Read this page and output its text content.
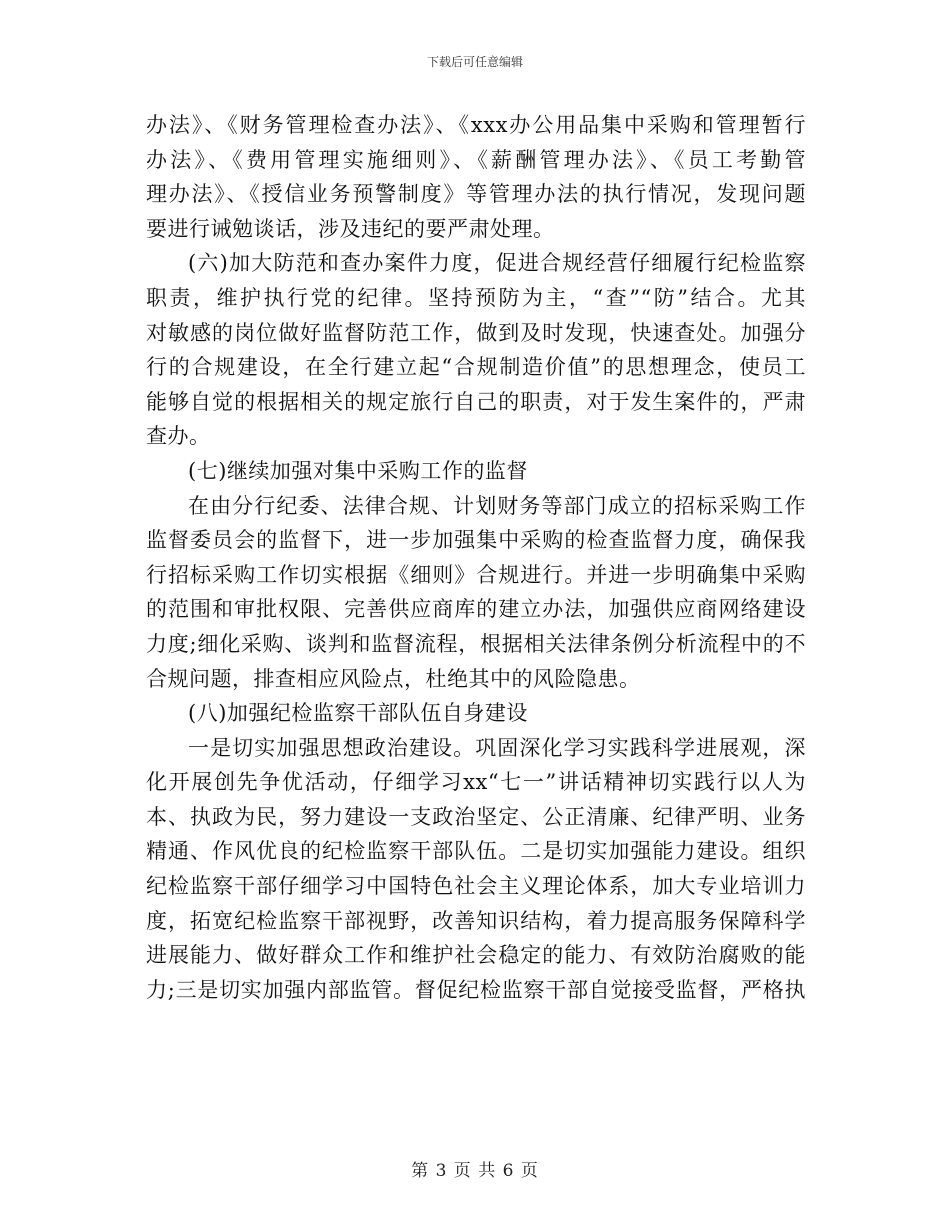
下载后可任意编辑
办法》、《财务管理检查办法》、《xxx办公用品集中采购和管理暂行
办法》、《费用管理实施细则》、《薪酬管理办法》、《员工考勤管
理办法》、《授信业务预警制度》等管理办法的执行情况，发现问题
要进行诫勉谈话，涉及违纪的要严肃处理。
(六)加大防范和查办案件力度，促进合规经营仔细履行纪检监察
职责，维护执行党的纪律。坚持预防为主，“查”“防”结合。尤其
对敏感的岗位做好监督防范工作，做到及时发现，快速查处。加强分
行的合规建设，在全行建立起“合规制造价值”的思想理念，使员工
能够自觉的根据相关的规定旅行自己的职责，对于发生案件的，严肃
查办。
(七)继续加强对集中采购工作的监督
在由分行纪委、法律合规、计划财务等部门成立的招标采购工作
监督委员会的监督下，进一步加强集中采购的检查监督力度，确保我
行招标采购工作切实根据《细则》合规进行。并进一步明确集中采购
的范围和审批权限、完善供应商库的建立办法，加强供应商网络建设
力度;细化采购、谈判和监督流程，根据相关法律条例分析流程中的不
合规问题，排查相应风险点，杜绝其中的风险隐患。
(八)加强纪检监察干部队伍自身建设
一是切实加强思想政治建设。巩固深化学习实践科学进展观，深
化开展创先争优活动，仔细学习xx“七一”讲话精神切实践行以人为
本、执政为民，努力建设一支政治坚定、公正清廉、纪律严明、业务
精通、作风优良的纪检监察干部队伍。二是切实加强能力建设。组织
纪检监察干部仔细学习中国特色社会主义理论体系，加大专业培训力
度，拓宽纪检监察干部视野，改善知识结构，着力提高服务保障科学
进展能力、做好群众工作和维护社会稳定的能力、有效防治腐败的能
力;三是切实加强内部监管。督促纪检监察干部自觉接受监督，严格执
第 3 页 共 6 页
